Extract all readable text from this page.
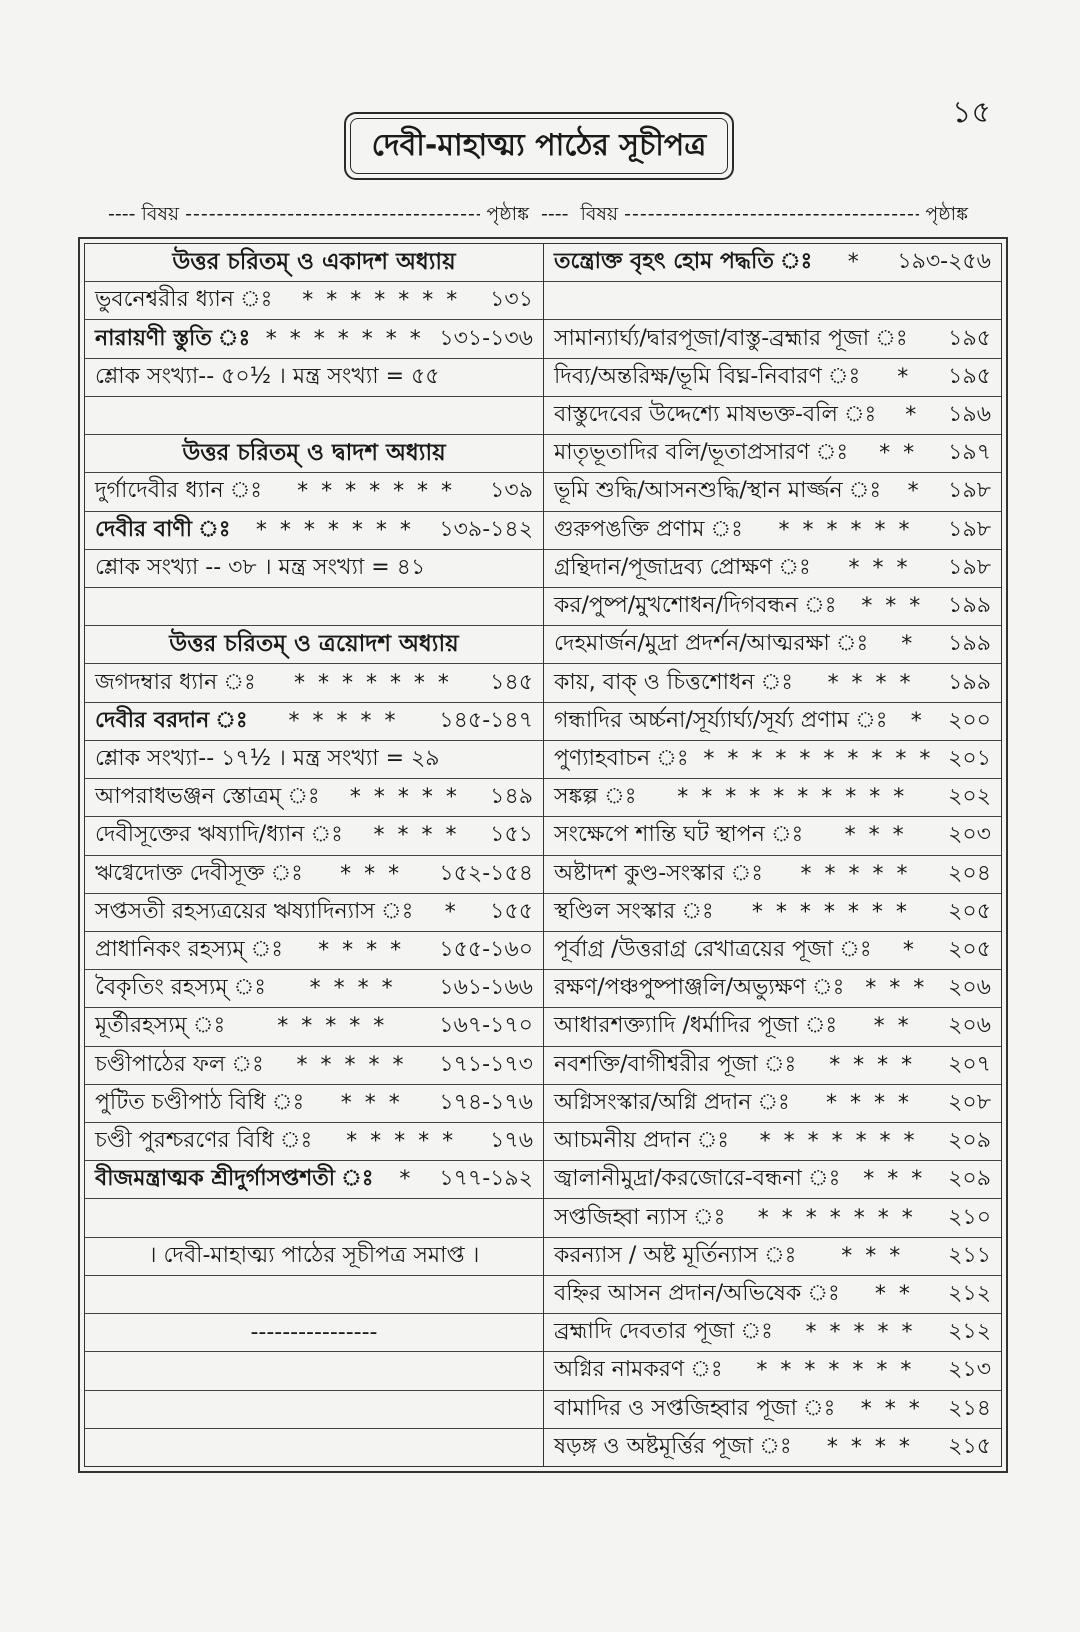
১৫
দেবী-মাহাত্ম্য পাঠের সূচীপত্র
---- বিষয় -----	পৃষ্ঠাঙ্ক ---- বিষয় -----	পৃষ্ঠাঙ্ক
উত্তর চরিতম্ ও একাদশ অধ্যায়
ভুবনেশ্বরীর ধ্যান ঃ	* * * * * * *	১৩১
নারায়ণী স্তুতি ঃ * * * * * * * ১৩১-১৩৬
শ্লোক সংখ্যা-- ৫০½ । মন্ত্র সংখ্যা = ৫৫
উত্তর চরিতম্ ও দ্বাদশ অধ্যায়
দুর্গাদেবীর ধ্যান ঃ	* * * * * * *	১৩৯
দেবীর বাণী ঃ	* * * * * * *	১৩৯-১৪২
শ্লোক সংখ্যা -- ৩৮ । মন্ত্র সংখ্যা = ৪১
উত্তর চরিতম্ ও ত্রয়োদশ অধ্যায়
জগদম্বার ধ্যান ঃ	* * * * * * *	১৪৫
দেবীর বরদান ঃ	* * * * *	১৪৫-১৪৭
শ্লোক সংখ্যা-- ১৭½ । মন্ত্র সংখ্যা = ২৯
আপরাধভঞ্জন স্তোত্রম্ ঃ	* * * * *	১৪৯
দেবীসূক্তের ঋষ্যাদি/ধ্যান ঃ	* * * *	১৫১
ঋগ্বেদোক্ত দেবীসূক্ত ঃ	* * *	১৫২-১৫৪
সপ্তসতী রহস্যত্রয়ের ঋষ্যাদিন্যাস ঃ	*	১৫৫
প্রাধানিকং রহস্যম্ ঃ	* * * *	১৫৫-১৬০
বৈকৃতিং রহস্যম্ ঃ	* * * *	১৬১-১৬৬
মূর্তীরহস্যম্ ঃ	* * * * *	১৬৭-১৭০
চণ্ডীপাঠের ফল ঃ	* * * * *	১৭১-১৭৩
পুটিত চণ্ডীপাঠ বিধি ঃ	* * *	১৭৪-১৭৬
চণ্ডী পুরশ্চরণের বিধি ঃ	* * * * *	১৭৬
বীজমন্ত্রাত্মক শ্রীদুর্গাসপ্তশতী ঃ	*	১৭৭-১৯২
। দেবী-মাহাত্ম্য পাঠের সূচীপত্র সমাপ্ত ।
----------------
তন্ত্রোক্ত বৃহৎ হোম পদ্ধতি ঃ	*	১৯৩-২৫৬
সামান্যার্ঘ্য/দ্বারপূজা/বাস্তু-ব্রহ্মার পূজা ঃ ১৯৫
দিব্য/অন্তরিক্ষ/ভূমি বিঘ্ন-নিবারণ ঃ	*	১৯৫
বাস্তুদেবের উদ্দেশ্যে মাষভক্ত-বলি ঃ	*	১৯৬
মাতৃভূতাদির বলি/ভূতাপ্রসারণ ঃ	* *	১৯৭
ভূমি শুদ্ধি/আসনশুদ্ধি/স্থান মার্জ্জন ঃ	*	১৯৮
গুরুপঙক্তি প্রণাম ঃ	* * * * * *	১৯৮
গ্রন্থিদান/পূজাদ্রব্য প্রোক্ষণ ঃ	* * *	১৯৮
কর/পুষ্প/মুখশোধন/দিগবন্ধন ঃ	* * *	১৯৯
দেহমার্জন/মুদ্রা প্রদর্শন/আত্মরক্ষা ঃ	*	১৯৯
কায়, বাক্ ও চিত্তশোধন ঃ	* * * *	১৯৯
গন্ধাদির অর্চ্চনা/সূর্য্যার্ঘ্য/সূর্য্য প্রণাম ঃ	*	২০০
পুণ্যাহবাচন ঃ * * * * * * * * * * ২০১
সঙ্কল্প ঃ	* * * * * * * * * *	২০২
সংক্ষেপে শান্তি ঘট স্থাপন ঃ	* * *	২০৩
অষ্টাদশ কুণ্ড-সংস্কার ঃ	* * * * *	২০৪
স্থণ্ডিল সংস্কার ঃ	* * * * * * *	২০৫
পূর্বাগ্র /উত্তরাগ্র রেখাত্রয়ের পূজা ঃ	*	২০৫
রক্ষণ/পঞ্চপুষ্পাঞ্জলি/অভ্যুক্ষণ ঃ * * * ২০৬
আধারশক্ত্যাদি /ধর্মাদির পূজা ঃ	* *	২০৬
নবশক্তি/বাগীশ্বরীর পূজা ঃ	* * * *	২০৭
অগ্নিসংস্কার/অগ্নি প্রদান ঃ	* * * *	২০৮
আচমনীয় প্রদান ঃ	* * * * * * *	২০৯
জ্বালানীমুদ্রা/করজোরে-বন্ধনা ঃ	* * *	২০৯
সপ্তজিহ্বা ন্যাস ঃ	* * * * * * *	২১০
করন্যাস / অষ্ট মূর্তিন্যাস ঃ	* * *	২১১
বহ্নির আসন প্রদান/অভিষেক ঃ	* *	২১২
ব্রহ্মাদি দেবতার পূজা ঃ	* * * * *	২১২
অগ্নির নামকরণ ঃ	* * * * * * *	২১৩
বামাদির ও সপ্তজিহ্বার পূজা ঃ	* * *	২১৪
ষড়ঙ্গ ও অষ্টমূর্ত্তির পূজা ঃ	* * * *	২১৫
